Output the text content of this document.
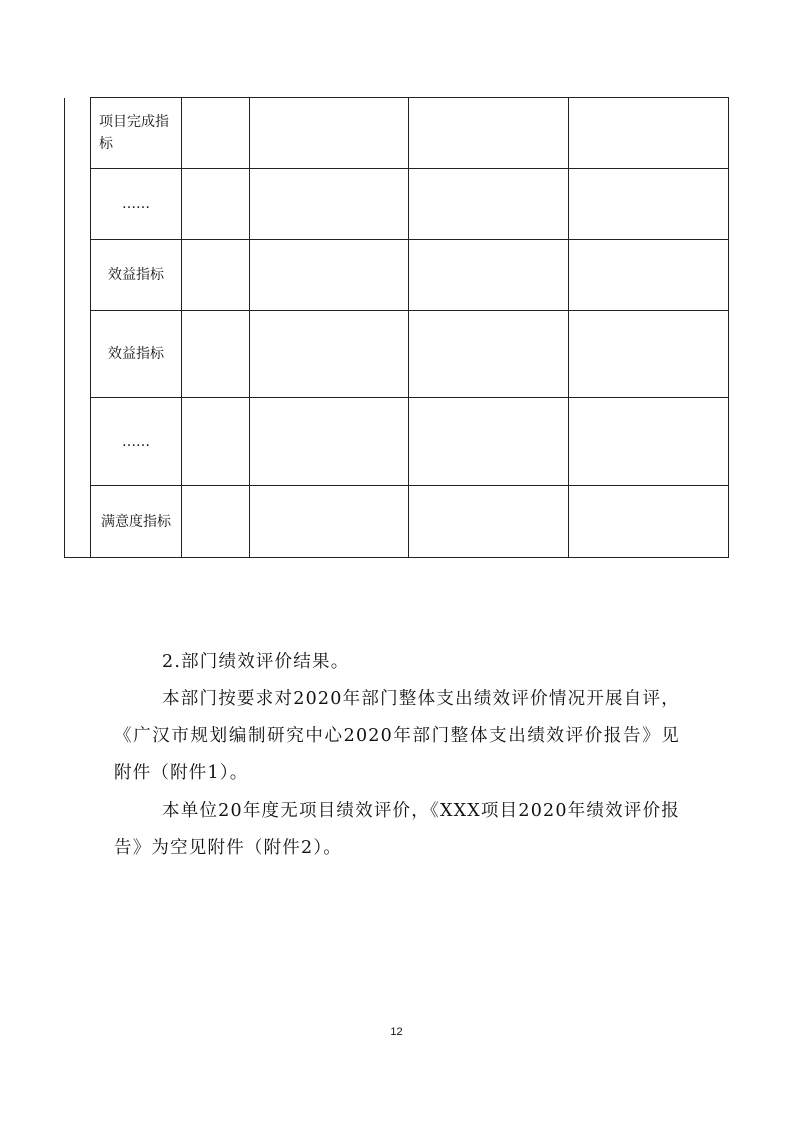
	项目完成指标				
	……				
	效益指标				
	效益指标				
	……				
	满意度指标				
2.部门绩效评价结果。
本部门按要求对2020年部门整体支出绩效评价情况开展自评，《广汉市规划编制研究中心2020年部门整体支出绩效评价报告》见附件（附件1）。
本单位20年度无项目绩效评价，《XXX项目2020年绩效评价报告》为空见附件（附件2）。
12
